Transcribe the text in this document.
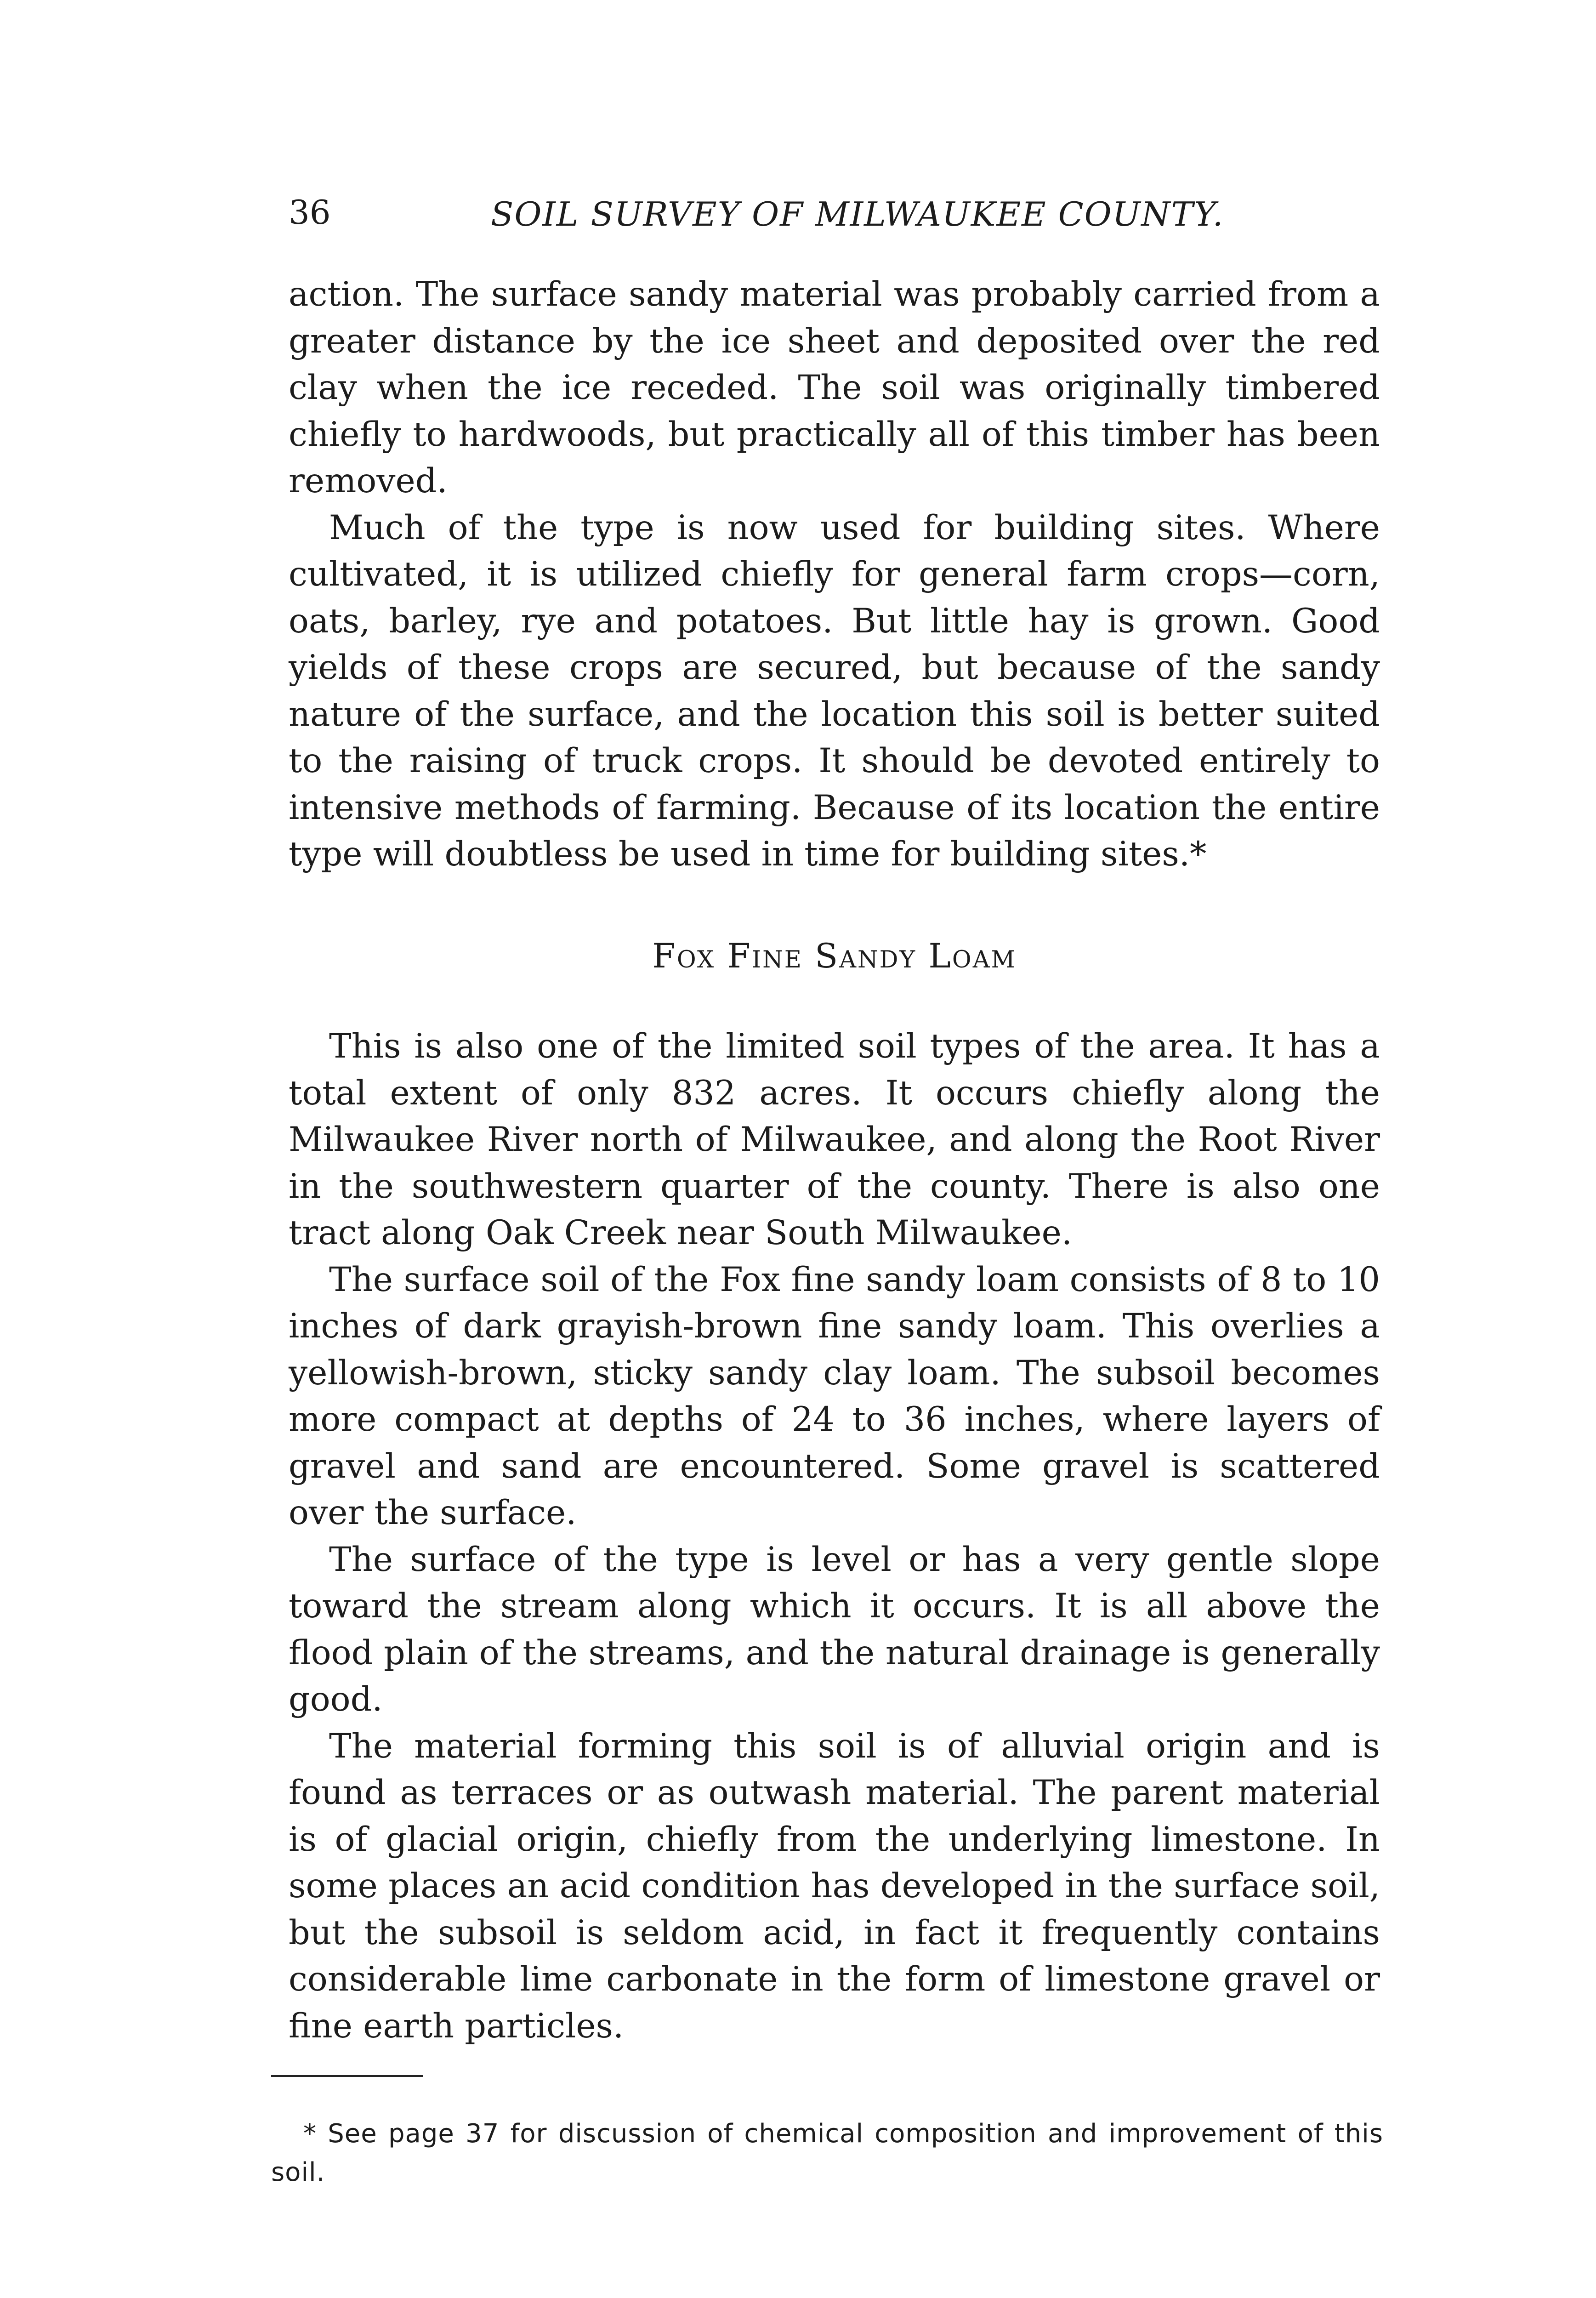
36	SOIL SURVEY OF MILWAUKEE COUNTY.

action. The surface sandy material was probably carried from a greater distance by the ice sheet and deposited over the red clay when the ice receded. The soil was originally timbered chiefly to hardwoods, but practically all of this timber has been removed.

Much of the type is now used for building sites. Where cultivated, it is utilized chiefly for general farm crops—corn, oats, barley, rye and potatoes. But little hay is grown. Good yields of these crops are secured, but because of the sandy nature of the surface, and the location this soil is better suited to the raising of truck crops. It should be devoted entirely to intensive methods of farming. Because of its location the entire type will doubtless be used in time for building sites.*

Fox Fine Sandy Loam

This is also one of the limited soil types of the area. It has a total extent of only 832 acres. It occurs chiefly along the Milwaukee River north of Milwaukee, and along the Root River in the southwestern quarter of the county. There is also one tract along Oak Creek near South Milwaukee.

The surface soil of the Fox fine sandy loam consists of 8 to 10 inches of dark grayish-brown fine sandy loam. This overlies a yellowish-brown, sticky sandy clay loam. The subsoil becomes more compact at depths of 24 to 36 inches, where layers of gravel and sand are encountered. Some gravel is scattered over the surface.

The surface of the type is level or has a very gentle slope toward the stream along which it occurs. It is all above the flood plain of the streams, and the natural drainage is generally good.

The material forming this soil is of alluvial origin and is found as terraces or as outwash material. The parent material is of glacial origin, chiefly from the underlying limestone. In some places an acid condition has developed in the surface soil, but the subsoil is seldom acid, in fact it frequently contains considerable lime carbonate in the form of limestone gravel or fine earth particles.

* See page 37 for discussion of chemical composition and improvement of this soil.
